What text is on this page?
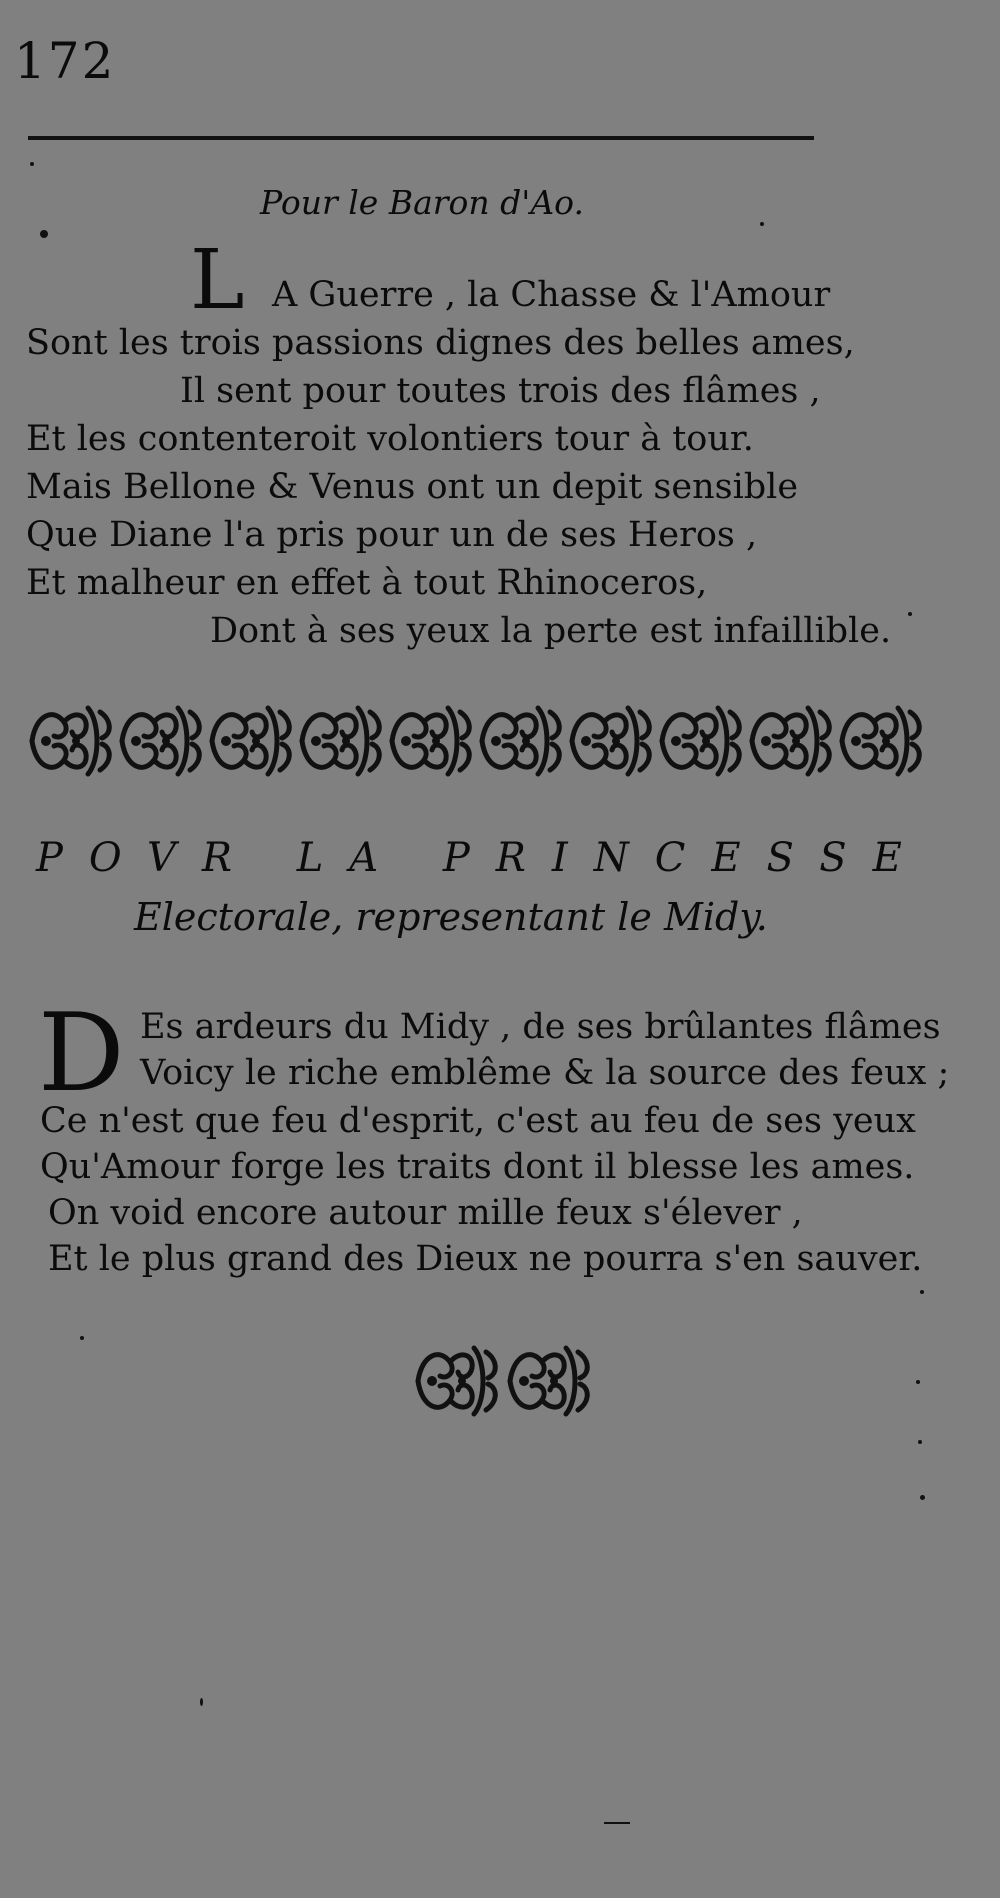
172
Pour le Baron d'Ao.
L A Guerre , la Chasse & l'Amour
Sont les trois passions dignes des belles ames,
Il sent pour toutes trois des flâmes ,
Et les contenteroit volontiers tour à tour.
Mais Bellone & Venus ont un depit sensible
Que Diane l'a pris pour un de ses Heros ,
Et malheur en effet à tout Rhinoceros,
Dont à ses yeux la perte est infaillible.
POVR LA PRINCESSE
Electorale, representant le Midy.
D Es ardeurs du Midy , de ses brûlantes flâmes
Voicy le riche emblême & la source des feux ;
Ce n'est que feu d'esprit, c'est au feu de ses yeux
Qu'Amour forge les traits dont il blesse les ames.
On void encore autour mille feux s'élever ,
Et le plus grand des Dieux ne pourra s'en sauver.
